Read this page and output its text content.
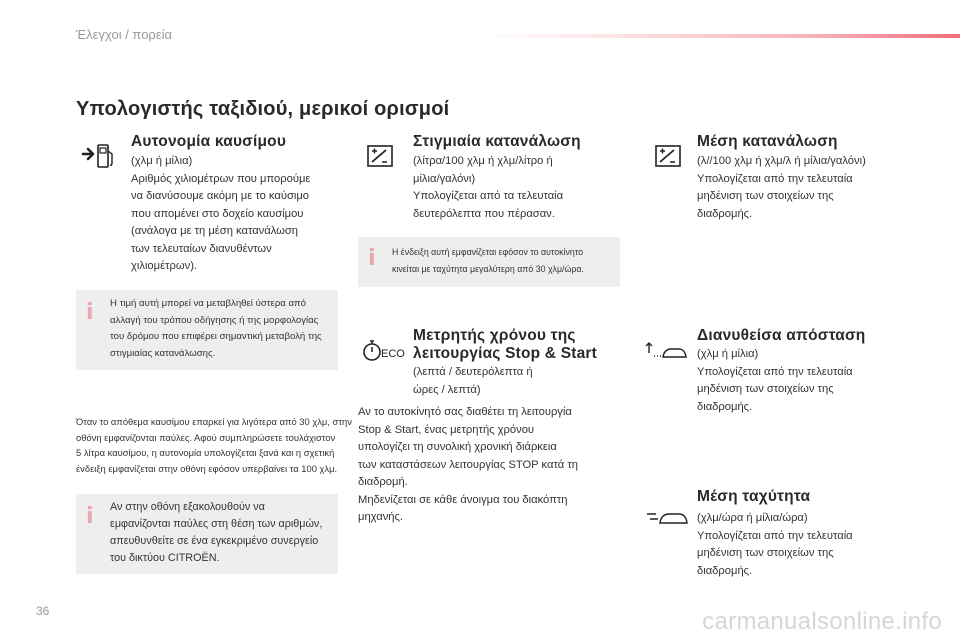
Έλεγχοι / πορεία
Υπολογιστής ταξιδιού, μερικοί ορισμοί
Αυτονομία καυσίμου
(χλμ ή μίλια)
Αριθμός χιλιομέτρων που μπορούμε
να διανύσουμε ακόμη με το καύσιμο
που απομένει στο δοχείο καυσίμου
(ανάλογα με τη μέση κατανάλωση
των τελευταίων διανυθέντων
χιλιομέτρων).
i Η τιμή αυτή μπορεί να μεταβληθεί ύστερα από
αλλαγή του τρόπου οδήγησης ή της μορφολογίας
του δρόμου που επιφέρει σημαντική μεταβολή της
στιγμιαίας κατανάλωσης.
Όταν το απόθεμα καυσίμου επαρκεί για λιγότερα από 30 χλμ, στην
οθόνη εμφανίζονται παύλες. Αφού συμπληρώσετε τουλάχιστον
5 λίτρα καυσίμου, η αυτονομία υπολογίζεται ξανά και η σχετική
ένδειξη εμφανίζεται στην οθόνη εφόσον υπερβαίνει τα 100 χλμ.
i Αν στην οθόνη εξακολουθούν να
εμφανίζονται παύλες στη θέση των αριθμών,
απευθυνθείτε σε ένα εγκεκριμένο συνεργείο
του δικτύου CITROËN.
Στιγμιαία κατανάλωση
(λίτρα/100 χλμ ή χλμ/λίτρο ή
μίλια/γαλόνι)
Υπολογίζεται από τα τελευταία
δευτερόλεπτα που πέρασαν.
i Η ένδειξη αυτή εμφανίζεται εφόσον το αυτοκίνητο
κινείται με ταχύτητα μεγαλύτερη από 30 χλμ/ώρα.
ECO
Μετρητής χρόνου της
λειτουργίας Stop & Start
(λεπτά / δευτερόλεπτα ή
ώρες / λεπτά)
Αν το αυτοκίνητό σας διαθέτει τη λειτουργία
Stop & Start, ένας μετρητής χρόνου
υπολογίζει τη συνολική χρονική διάρκεια
των καταστάσεων λειτουργίας STOP κατά τη
διαδρομή.
Μηδενίζεται σε κάθε άνοιγμα του διακόπτη
μηχανής.
Μέση κατανάλωση
(λ//100 χλμ ή χλμ/λ ή μίλια/γαλόνι)
Υπολογίζεται από την τελευταία
μηδένιση των στοιχείων της
διαδρομής.
Διανυθείσα απόσταση
(χλμ ή μίλια)
Υπολογίζεται από την τελευταία
μηδένιση των στοιχείων της
διαδρομής.
Μέση ταχύτητα
(χλμ/ώρα ή μίλια/ώρα)
Υπολογίζεται από την τελευταία
μηδένιση των στοιχείων της
διαδρομής.
36	carmanualsonline.info
